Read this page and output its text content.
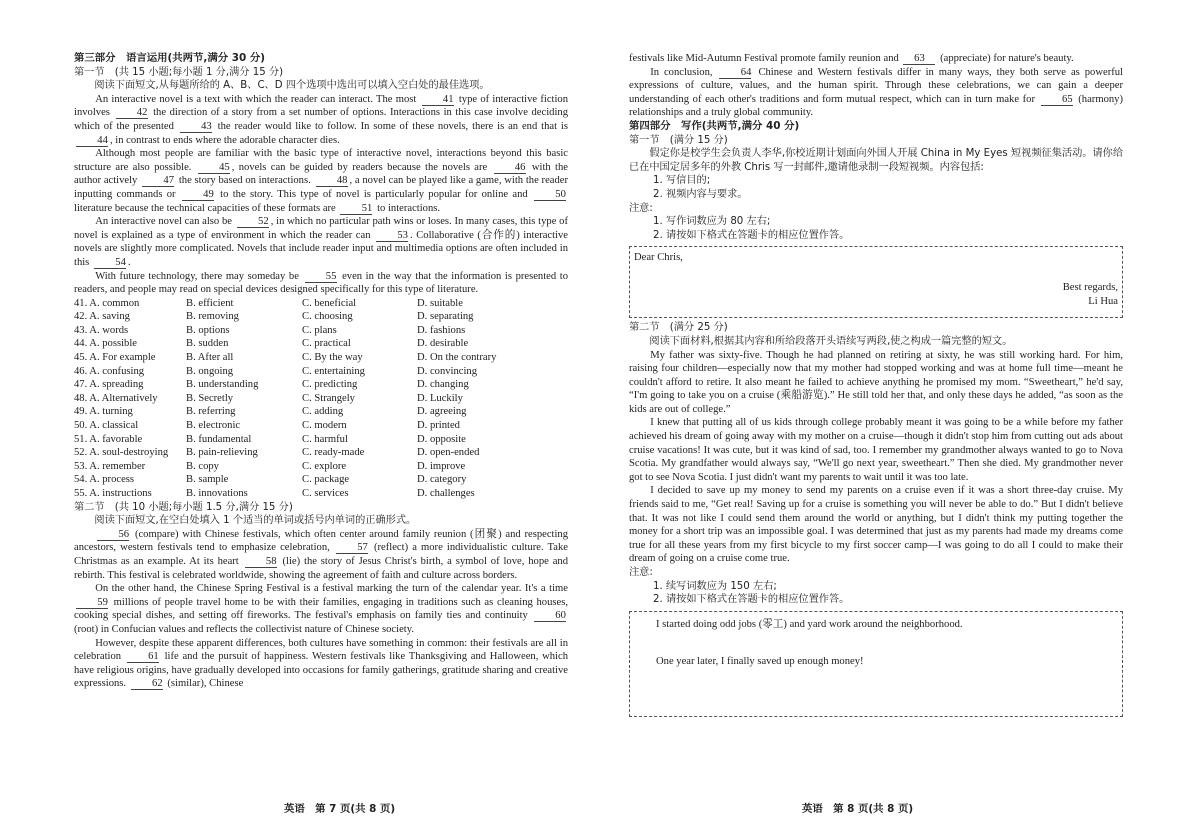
第三部分　语言运用(共两节,满分 30 分)
第一节　(共 15 小题;每小题 1 分,满分 15 分)
阅读下面短文,从每题所给的 A、B、C、D 四个选项中选出可以填入空白处的最佳选项。

An interactive novel is a text with which the reader can interact. The most 41 type of interactive fiction involves 42 the direction of a story from a set number of options. Interactions in this case involve deciding which of the presented 43 the reader would like to follow. In some of these novels, there is an end that is 44 , in contrast to ends where the adorable character dies.

Although most people are familiar with the basic type of interactive novel, interactions beyond this basic structure are also possible. 45 , novels can be guided by readers because the novels are 46 with the author actively 47 the story based on interactions. 48 , a novel can be played like a game, with the reader inputting commands or 49 to the story. This type of novel is particularly popular for online and 50 literature because the technical capacities of these formats are 51 to interactions.

An interactive novel can also be 52 , in which no particular path wins or loses. In many cases, this type of novel is explained as a type of environment in which the reader can 53 . Collaborative (合作的) interactive novels are slightly more complicated. Novels that include reader input and multimedia options are often included in this 54 .

With future technology, there may someday be 55 even in the way that the information is presented to readers, and people may read on special devices designed specifically for this type of literature.

41. A. common	B. efficient	C. beneficial	D. suitable
42. A. saving	B. removing	C. choosing	D. separating
43. A. words	B. options	C. plans	D. fashions
44. A. possible	B. sudden	C. practical	D. desirable
45. A. For example	B. After all	C. By the way	D. On the contrary
46. A. confusing	B. ongoing	C. entertaining	D. convincing
47. A. spreading	B. understanding	C. predicting	D. changing
48. A. Alternatively	B. Secretly	C. Strangely	D. Luckily
49. A. turning	B. referring	C. adding	D. agreeing
50. A. classical	B. electronic	C. modern	D. printed
51. A. favorable	B. fundamental	C. harmful	D. opposite
52. A. soul-destroying	B. pain-relieving	C. ready-made	D. open-ended
53. A. remember	B. copy	C. explore	D. improve
54. A. process	B. sample	C. package	D. category
55. A. instructions	B. innovations	C. services	D. challenges
第二节　(共 10 小题;每小题 1.5 分,满分 15 分)
阅读下面短文,在空白处填入 1 个适当的单词或括号内单词的正确形式。

56 (compare) with Chinese festivals, which often center around family reunion (团聚) and respecting ancestors, western festivals tend to emphasize celebration, 57 (reflect) a more individualistic culture. Take Christmas as an example. At its heart 58 (lie) the story of Jesus Christ's birth, a symbol of love, hope and rebirth. This festival is celebrated worldwide, showing the agreement of faith and culture across borders.

On the other hand, the Chinese Spring Festival is a festival marking the turn of the calendar year. It's a time 59 millions of people travel home to be with their families, engaging in traditions such as cleaning houses, cooking special dishes, and setting off fireworks. The festival's emphasis on family ties and continuity 60 (root) in Confucian values and reflects the collectivist nature of Chinese society.

However, despite these apparent differences, both cultures have something in common: their festivals are all in celebration 61 life and the pursuit of happiness. Western festivals like Thanksgiving and Halloween, which have religious origins, have gradually developed into occasions for family gatherings, gratitude sharing and creative expressions. 62 (similar), Chinese

英语　第 7 页(共 8 页)

festivals like Mid-Autumn Festival promote family reunion and 63 (appreciate) for nature's beauty.

In conclusion, 64 Chinese and Western festivals differ in many ways, they both serve as powerful expressions of culture, values, and the human spirit. Through these celebrations, we can gain a deeper understanding of each other's traditions and form mutual respect, which can in turn make for 65 (harmony) relationships and a truly global community.

第四部分　写作(共两节,满分 40 分)
第一节　(满分 15 分)
假定你是校学生会负责人李华,你校近期计划面向外国人开展 China in My Eyes 短视频征集活动。请你给已在中国定居多年的外教 Chris 写一封邮件,邀请他录制一段短视频。内容包括:
1. 写信目的;
2. 视频内容与要求。
注意:
1. 写作词数应为 80 左右;
2. 请按如下格式在答题卡的相应位置作答。
Dear Chris,
Best regards,
Li Hua
第二节　(满分 25 分)
阅读下面材料,根据其内容和所给段落开头语续写两段,使之构成一篇完整的短文。

My father was sixty-five. Though he had planned on retiring at sixty, he was still working hard. For him, raising four children—especially now that my mother had stopped working and was at home full time—meant he couldn't afford to retire. It also meant he failed to achieve anything he promised my mom. “Sweetheart,” he'd say, “I'm going to take you on a cruise (乘船游览).” He still told her that, and only these days he added, “as soon as the kids are out of college.”

I knew that putting all of us kids through college probably meant it was going to be a while before my father achieved his dream of going away with my mother on a cruise—though it didn't stop him from cutting out ads about cruise vacations! It was cute, but it was kind of sad, too. I remember my grandmother always wanted to go to Nova Scotia. My grandfather would always say, “We'll go next year, sweetheart.” Then she died. My grandmother never got to see Nova Scotia. I just didn't want my parents to wait until it was too late.

I decided to save up my money to send my parents on a cruise even if it was a short three-day cruise. My friends said to me, “Get real! Saving up for a cruise is something you will never be able to do.” But I didn't believe that. It was not like I could send them around the world or anything, but I didn't think my putting together the money for a short trip was an impossible goal. I was determined that just as my parents had made my dreams come true for all these years from my first bicycle to my first soccer camp—I was going to do all I could to make their dream of going on a cruise come true.

注意:
1. 续写词数应为 150 左右;
2. 请按如下格式在答题卡的相应位置作答。
I started doing odd jobs (零工) and yard work around the neighborhood.
One year later, I finally saved up enough money!
英语　第 8 页(共 8 页)
